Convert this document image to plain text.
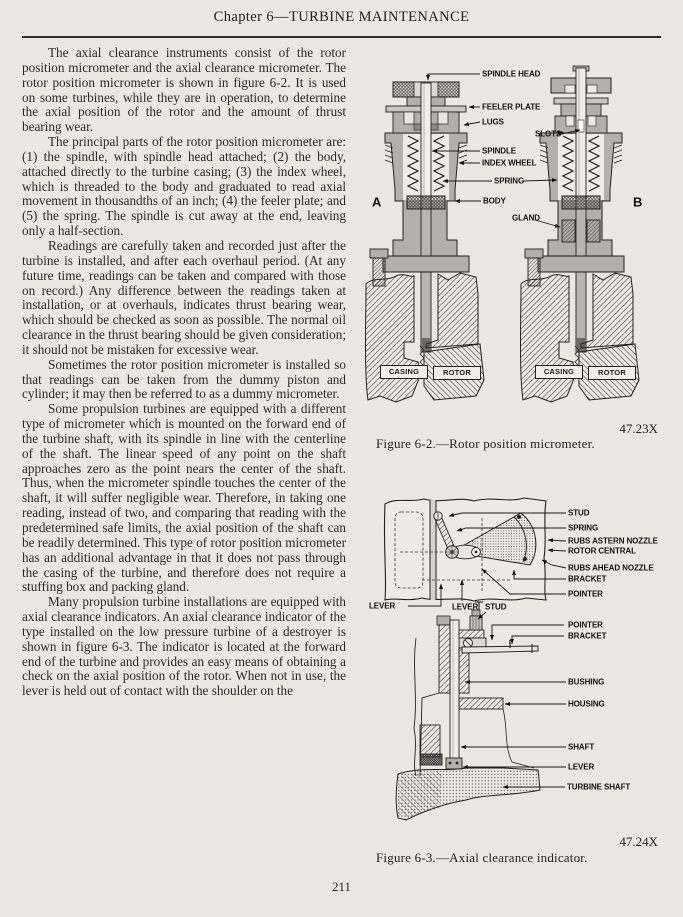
Chapter 6—TURBINE MAINTENANCE

The axial clearance instruments consist of the rotor position micrometer and the axial clearance micrometer. The rotor position micrometer is shown in figure 6-2. It is used on some turbines, while they are in operation, to determine the axial position of the rotor and the amount of thrust bearing wear.

The principal parts of the rotor position micrometer are: (1) the spindle, with spindle head attached; (2) the body, attached directly to the turbine casing; (3) the index wheel, which is threaded to the body and graduated to read axial movement in thousandths of an inch; (4) the feeler plate; and (5) the spring. The spindle is cut away at the end, leaving only a half-section.

Readings are carefully taken and recorded just after the turbine is installed, and after each overhaul period. (At any future time, readings can be taken and compared with those on record.) Any difference between the readings taken at installation, or at overhauls, indicates thrust bearing wear, which should be checked as soon as possible. The normal oil clearance in the thrust bearing should be given consideration; it should not be mistaken for excessive wear.

Sometimes the rotor position micrometer is installed so that readings can be taken from the dummy piston and cylinder; it may then be referred to as a dummy micrometer.

Some propulsion turbines are equipped with a different type of micrometer which is mounted on the forward end of the turbine shaft, with its spindle in line with the centerline of the shaft. The linear speed of any point on the shaft approaches zero as the point nears the center of the shaft. Thus, when the micrometer spindle touches the center of the shaft, it will suffer negligible wear. Therefore, in taking one reading, instead of two, and comparing that reading with the predetermined safe limits, the axial position of the shaft can be readily determined. This type of rotor position micrometer has an additional advantage in that it does not pass through the casing of the turbine, and therefore does not require a stuffing box and packing gland.

Many propulsion turbine installations are equipped with axial clearance indicators. An axial clearance indicator of the type installed on the low pressure turbine of a destroyer is shown in figure 6-3. The indicator is located at the forward end of the turbine and provides an easy means of obtaining a check on the axial position of the rotor. When not in use, the lever is held out of contact with the shoulder on the

SPINDLE HEAD
FEELER PLATE
LUGS
SLOTS
SPINDLE
INDEX WHEEL
SPRING
BODY
GLAND
A	B
CASING	ROTOR	CASING	ROTOR
47.23X
Figure 6-2.—Rotor position micrometer.
STUD
SPRING
RUBS ASTERN NOZZLE
ROTOR CENTRAL
RUBS AHEAD NOZZLE
BRACKET
POINTER
LEVER	LEVER STUD
POINTER
BRACKET
BUSHING
HOUSING
SHAFT
LEVER
TURBINE SHAFT
47.24X
Figure 6-3.—Axial clearance indicator.
211
